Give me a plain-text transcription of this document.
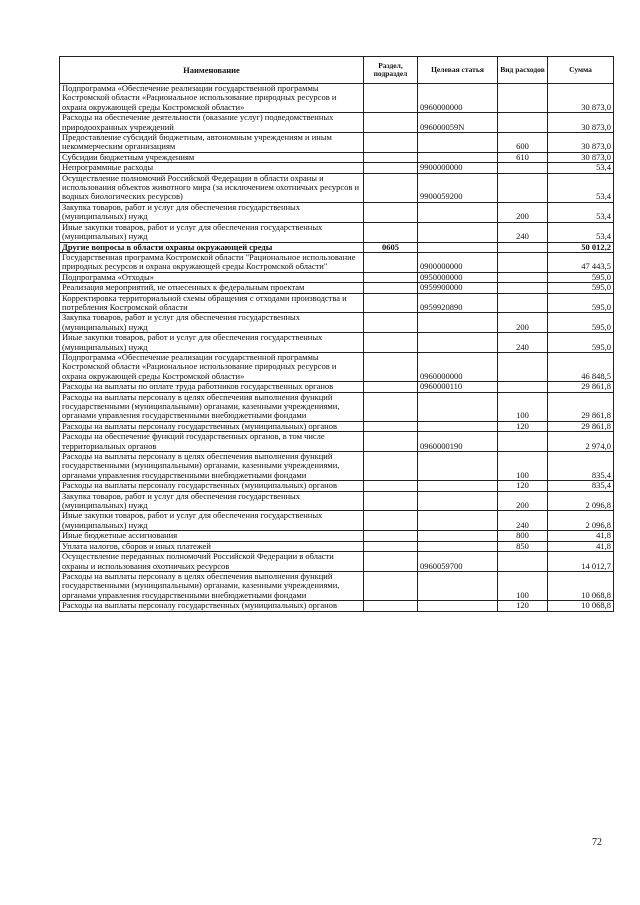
Наименование	Раздел, подраздел	Целевая статья	Вид расходов	Сумма
Подпрограмма «Обеспечение реализации государственной программы Костромской области «Рациональное использование природных ресурсов и охрана окружающей среды Костромской области»		0960000000		30 873,0
Расходы на обеспечение деятельности (оказание услуг) подведомственных природоохранных учреждений		096000059N		30 873,0
Предоставление субсидий бюджетным, автономным учреждениям и иным некоммерческим организациям			600	30 873,0
Субсидии бюджетным учреждениям			610	30 873,0
Непрограммные расходы		9900000000		53,4
Осуществление полномочий Российской Федерации в области охраны и использования объектов животного мира (за исключением охотничьих ресурсов и водных биологических ресурсов)		9900059200		53,4
Закупка товаров, работ и услуг для обеспечения государственных (муниципальных) нужд			200	53,4
Иные закупки товаров, работ и услуг для обеспечения государственных (муниципальных) нужд			240	53,4
Другие вопросы в области охраны окружающей среды	0605			50 012,2
Государственная программа Костромской области "Рациональное использование природных ресурсов и охрана окружающей среды Костромской области"		0900000000		47 443,5
Подпрограмма «Отходы»		0950000000		595,0
Реализация мероприятий, не отнесенных к федеральным проектам		0959900000		595,0
Корректировка территориальной схемы обращения с отходами производства и потребления Костромской области		0959920890		595,0
Закупка товаров, работ и услуг для обеспечения государственных (муниципальных) нужд			200	595,0
Иные закупки товаров, работ и услуг для обеспечения государственных (муниципальных) нужд			240	595,0
Подпрограмма «Обеспечение реализации государственной программы Костромской области «Рациональное использование природных ресурсов и охрана окружающей среды Костромской области»		0960000000		46 848,5
Расходы на выплаты по оплате труда работников государственных органов		0960000110		29 861,8
Расходы на выплаты персоналу в целях обеспечения выполнения функций государственными (муниципальными) органами, казенными учреждениями, органами управления государственными внебюджетными фондами			100	29 861,8
Расходы на выплаты персоналу государственных (муниципальных) органов			120	29 861,8
Расходы на обеспечение функций государственных органов, в том числе территориальных органов		0960000190		2 974,0
Расходы на выплаты персоналу в целях обеспечения выполнения функций государственными (муниципальными) органами, казенными учреждениями, органами управления государственными внебюджетными фондами			100	835,4
Расходы на выплаты персоналу государственных (муниципальных) органов			120	835,4
Закупка товаров, работ и услуг для обеспечения государственных (муниципальных) нужд			200	2 096,8
Иные закупки товаров, работ и услуг для обеспечения государственных (муниципальных) нужд			240	2 096,8
Иные бюджетные ассигнования			800	41,8
Уплата налогов, сборов и иных платежей			850	41,8
Осуществление переданных полномочий Российской Федерации в области охраны и использования охотничьих ресурсов		0960059700		14 012,7
Расходы на выплаты персоналу в целях обеспечения выполнения функций государственными (муниципальными) органами, казенными учреждениями, органами управления государственными внебюджетными фондами			100	10 068,8
Расходы на выплаты персоналу государственных (муниципальных) органов			120	10 068,8
72
